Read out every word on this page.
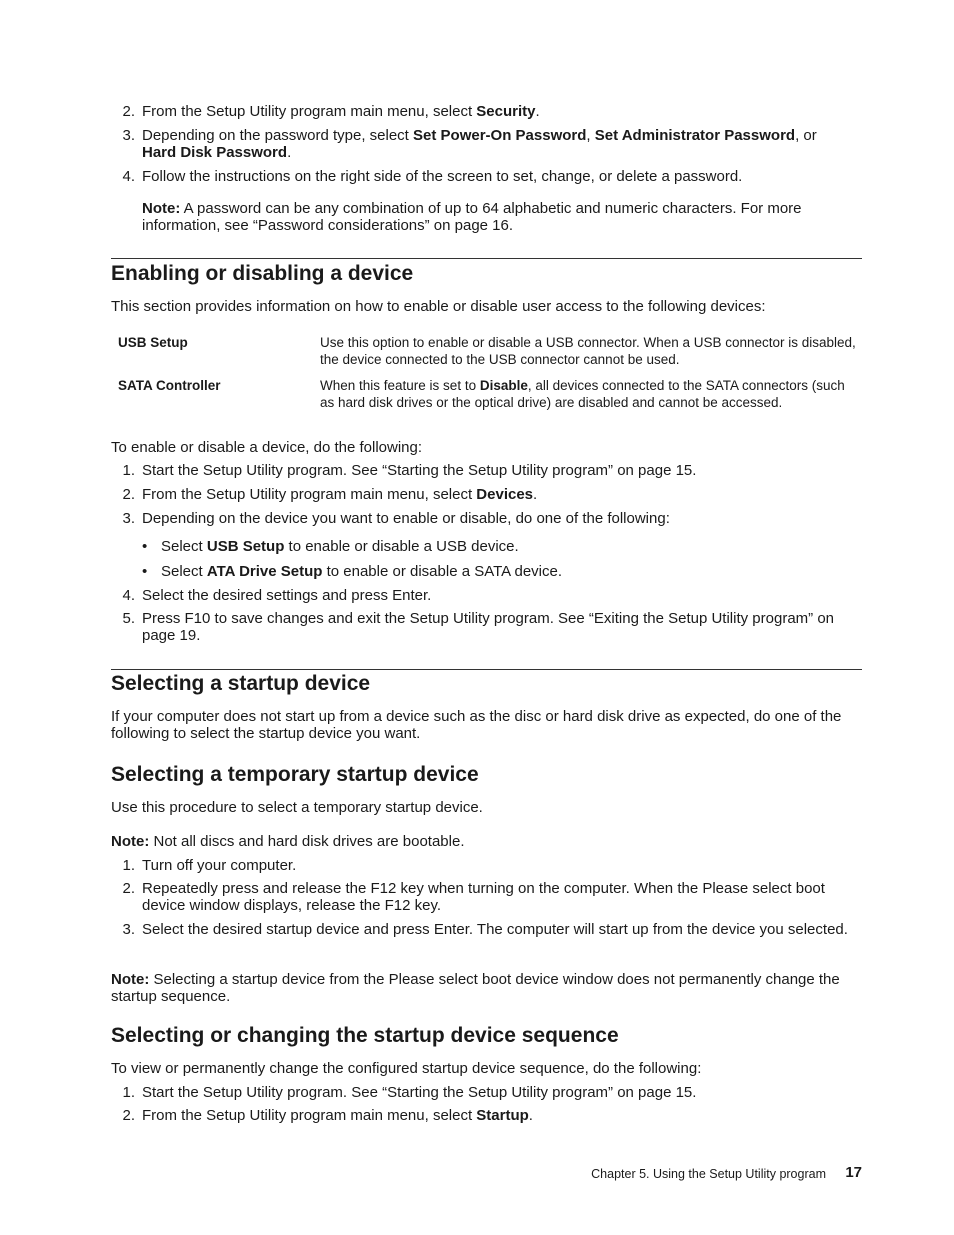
2. From the Setup Utility program main menu, select Security.
3. Depending on the password type, select Set Power-On Password, Set Administrator Password, or
Hard Disk Password.
4. Follow the instructions on the right side of the screen to set, change, or delete a password.
Note: A password can be any combination of up to 64 alphabetic and numeric characters. For more information, see “Password considerations” on page 16.
Enabling or disabling a device
This section provides information on how to enable or disable user access to the following devices:
USB Setup	Use this option to enable or disable a USB connector. When a USB connector is disabled, the device connected to the USB connector cannot be used.
SATA Controller	When this feature is set to Disable, all devices connected to the SATA connectors (such as hard disk drives or the optical drive) are disabled and cannot be accessed.
To enable or disable a device, do the following:
1. Start the Setup Utility program. See “Starting the Setup Utility program” on page 15.
2. From the Setup Utility program main menu, select Devices.
3. Depending on the device you want to enable or disable, do one of the following:
• Select USB Setup to enable or disable a USB device.
• Select ATA Drive Setup to enable or disable a SATA device.
4. Select the desired settings and press Enter.
5. Press F10 to save changes and exit the Setup Utility program. See “Exiting the Setup Utility program” on page 19.
Selecting a startup device
If your computer does not start up from a device such as the disc or hard disk drive as expected, do one of the following to select the startup device you want.
Selecting a temporary startup device
Use this procedure to select a temporary startup device.
Note: Not all discs and hard disk drives are bootable.
1. Turn off your computer.
2. Repeatedly press and release the F12 key when turning on the computer. When the Please select boot device window displays, release the F12 key.
3. Select the desired startup device and press Enter. The computer will start up from the device you selected.
Note: Selecting a startup device from the Please select boot device window does not permanently change the startup sequence.
Selecting or changing the startup device sequence
To view or permanently change the configured startup device sequence, do the following:
1. Start the Setup Utility program. See “Starting the Setup Utility program” on page 15.
2. From the Setup Utility program main menu, select Startup.
Chapter 5. Using the Setup Utility program 17
